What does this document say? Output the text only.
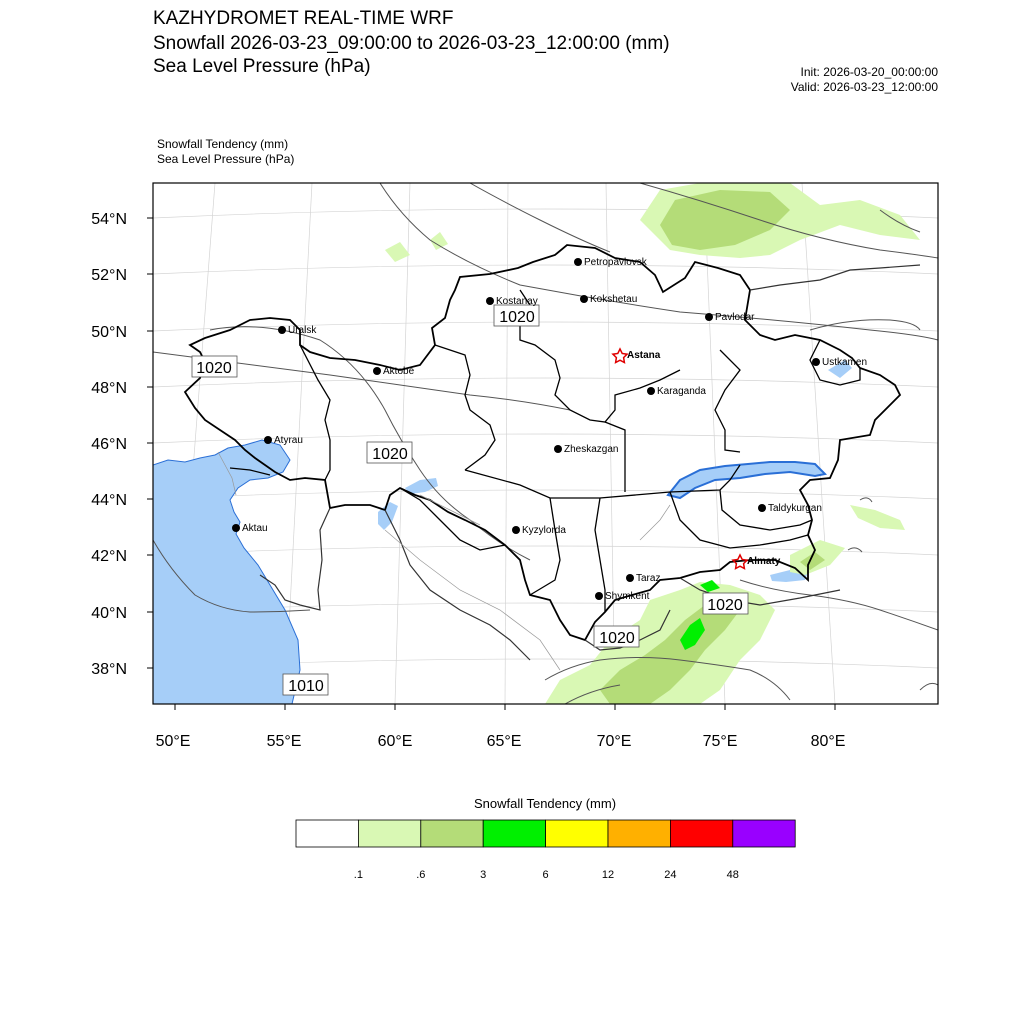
KAZHYDROMET REAL-TIME WRF
Snowfall 2026-03-23_09:00:00 to 2026-03-23_12:00:00 (mm)
Sea Level Pressure (hPa)	Init: 2026-03-20_00:00:00
Valid: 2026-03-23_12:00:00
Snowfall Tendency (mm)
Sea Level Pressure (hPa)
54°N
52°N
50°N
48°N
46°N
44°N
42°N
40°N
38°N
50°E	55°E	60°E	65°E	70°E	75°E	80°E
1020
1020
1020
1020
1020
1010
Petropavlovsk
Kostanay	Kokshetau
Pavlodar
Uralsk
Astana
Ustkamen
Aktobe
Karaganda
Atyrau
Zheskazgan
Aktau
Taldykurgan
Kyzylorda
Almaty
Taraz
Shymkent
Snowfall Tendency (mm)
.1	.6	3	6	12	24	48
